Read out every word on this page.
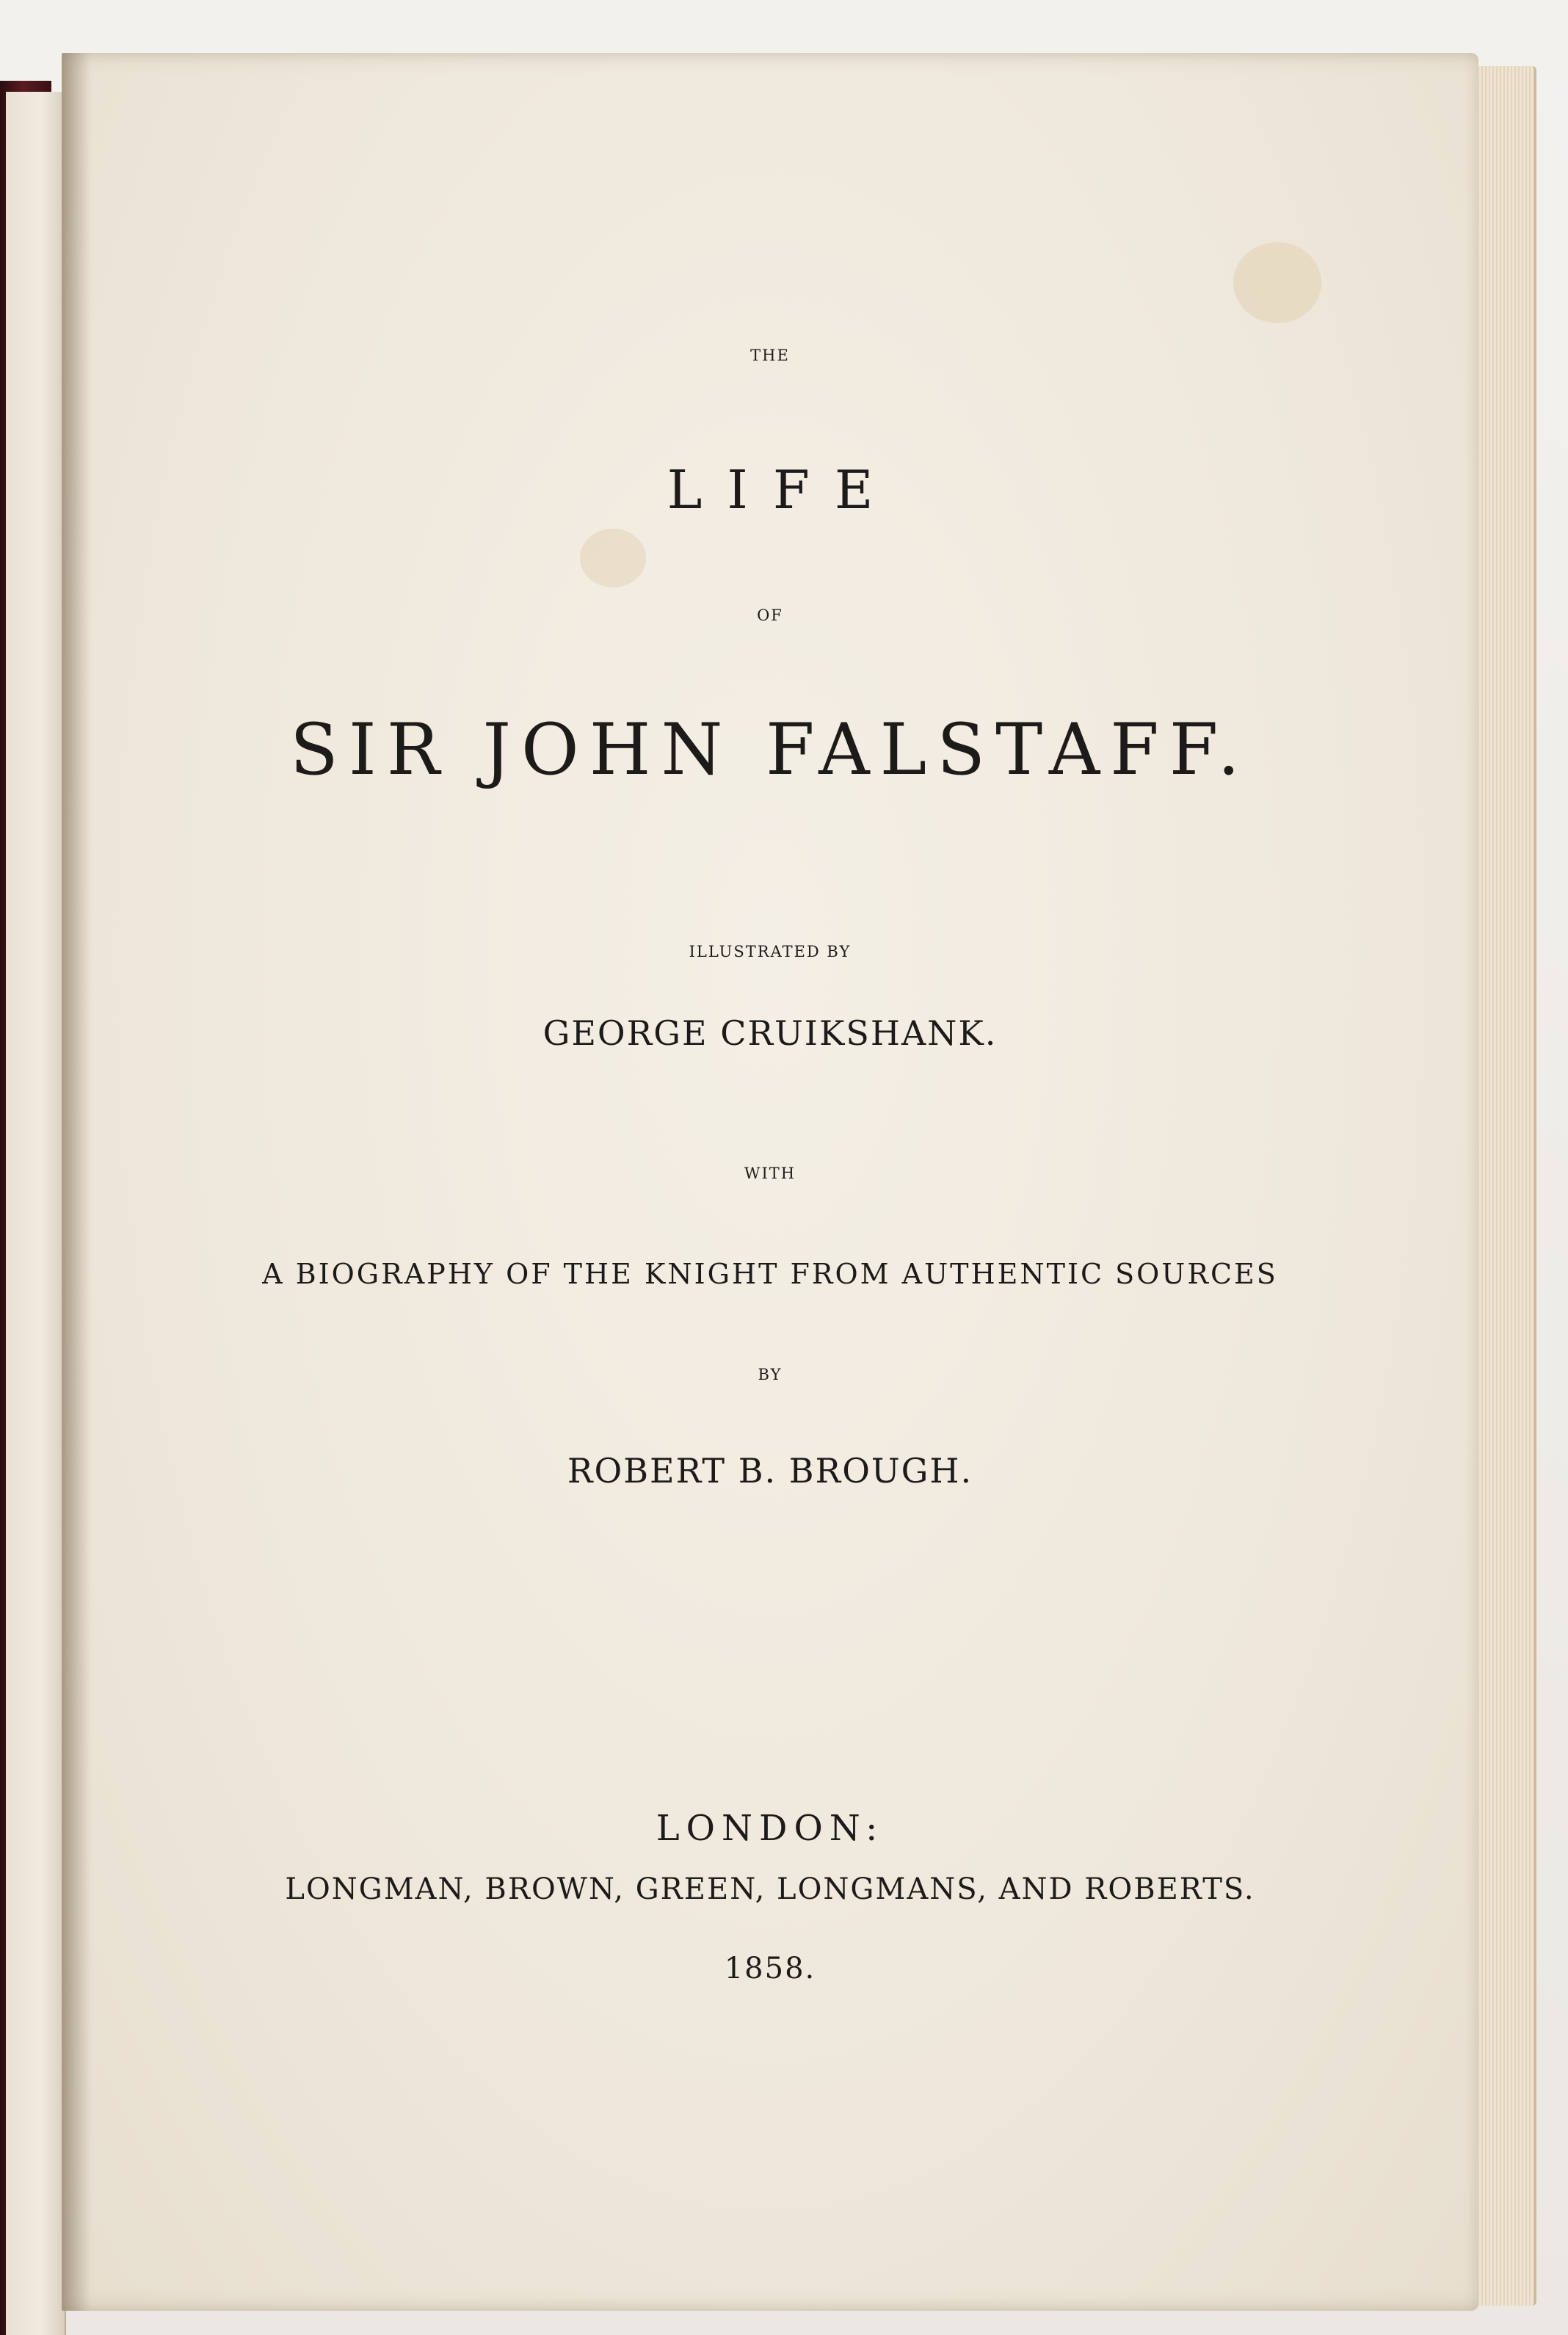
THE
LIFE
OF
SIR JOHN FALSTAFF.
ILLUSTRATED BY
GEORGE CRUIKSHANK.
WITH
A BIOGRAPHY OF THE KNIGHT FROM AUTHENTIC SOURCES
BY
ROBERT B. BROUGH.
LONDON:
LONGMAN, BROWN, GREEN, LONGMANS, AND ROBERTS.
1858.
